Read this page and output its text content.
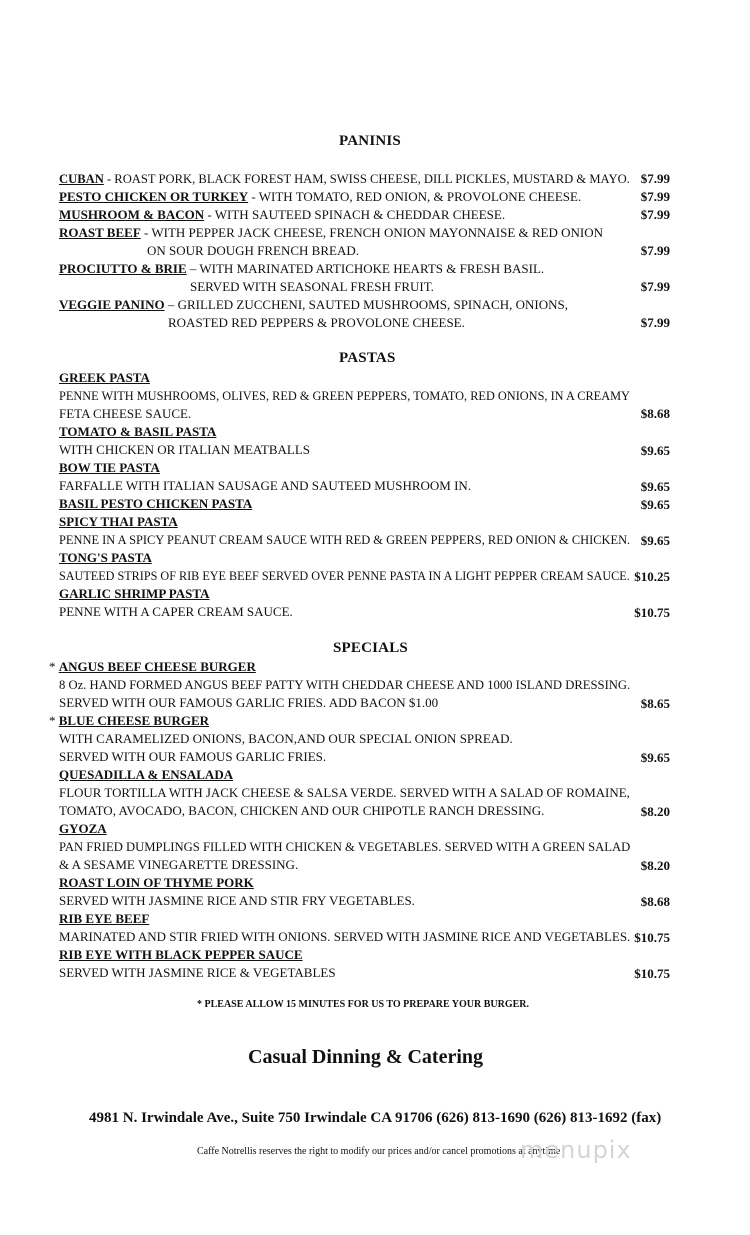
PANINIS
CUBAN - ROAST PORK, BLACK FOREST HAM, SWISS CHEESE, DILL PICKLES, MUSTARD & MAYO. $7.99
PESTO CHICKEN OR TURKEY - WITH TOMATO, RED ONION, & PROVOLONE CHEESE.	$7.99
MUSHROOM & BACON - WITH SAUTEED SPINACH & CHEDDAR CHEESE.	$7.99
ROAST BEEF - WITH PEPPER JACK CHEESE, FRENCH ONION MAYONNAISE & RED ONION
ON SOUR DOUGH FRENCH BREAD.	$7.99
PROCIUTTO & BRIE – WITH MARINATED ARTICHOKE HEARTS & FRESH BASIL.
SERVED WITH SEASONAL FRESH FRUIT.	$7.99
VEGGIE PANINO – GRILLED ZUCCHENI, SAUTED MUSHROOMS, SPINACH, ONIONS,
ROASTED RED PEPPERS & PROVOLONE CHEESE.	$7.99
PASTAS
GREEK PASTA
PENNE WITH MUSHROOMS, OLIVES, RED & GREEN PEPPERS, TOMATO, RED ONIONS, IN A CREAMY
FETA CHEESE SAUCE.	$8.68
TOMATO & BASIL PASTA
WITH CHICKEN OR ITALIAN MEATBALLS	$9.65
BOW TIE PASTA
FARFALLE WITH ITALIAN SAUSAGE AND SAUTEED MUSHROOM IN.	$9.65
BASIL PESTO CHICKEN PASTA	$9.65
SPICY THAI PASTA
PENNE IN A SPICY PEANUT CREAM SAUCE WITH RED & GREEN PEPPERS, RED ONION & CHICKEN. $9.65
TONG'S PASTA
SAUTEED STRIPS OF RIB EYE BEEF SERVED OVER PENNE PASTA IN A LIGHT PEPPER CREAM SAUCE. $10.25
GARLIC SHRIMP PASTA
PENNE WITH A CAPER CREAM SAUCE.	$10.75
SPECIALS
* ANGUS BEEF CHEESE BURGER
8 Oz. HAND FORMED ANGUS BEEF PATTY WITH CHEDDAR CHEESE AND 1000 ISLAND DRESSING.
SERVED WITH OUR FAMOUS GARLIC FRIES. ADD BACON $1.00	$8.65
* BLUE CHEESE BURGER
WITH CARAMELIZED ONIONS, BACON,AND OUR SPECIAL ONION SPREAD.
SERVED WITH OUR FAMOUS GARLIC FRIES.	$9.65
QUESADILLA & ENSALADA
FLOUR TORTILLA WITH JACK CHEESE & SALSA VERDE. SERVED WITH A SALAD OF ROMAINE,
TOMATO, AVOCADO, BACON, CHICKEN AND OUR CHIPOTLE RANCH DRESSING.	$8.20
GYOZA
PAN FRIED DUMPLINGS FILLED WITH CHICKEN & VEGETABLES. SERVED WITH A GREEN SALAD
& A SESAME VINEGARETTE DRESSING.	$8.20
ROAST LOIN OF THYME PORK
SERVED WITH JASMINE RICE AND STIR FRY VEGETABLES.	$8.68
RIB EYE BEEF
MARINATED AND STIR FRIED WITH ONIONS. SERVED WITH JASMINE RICE AND VEGETABLES. $10.75
RIB EYE WITH BLACK PEPPER SAUCE
SERVED WITH JASMINE RICE & VEGETABLES	$10.75
* PLEASE ALLOW 15 MINUTES FOR US TO PREPARE YOUR BURGER.
Casual Dinning & Catering
4981 N. Irwindale Ave., Suite 750 Irwindale CA 91706 (626) 813-1690 (626) 813-1692 (fax)
Caffe Notrellis reserves the right to modify our prices and/or cancel promotions at anytime
menupix
